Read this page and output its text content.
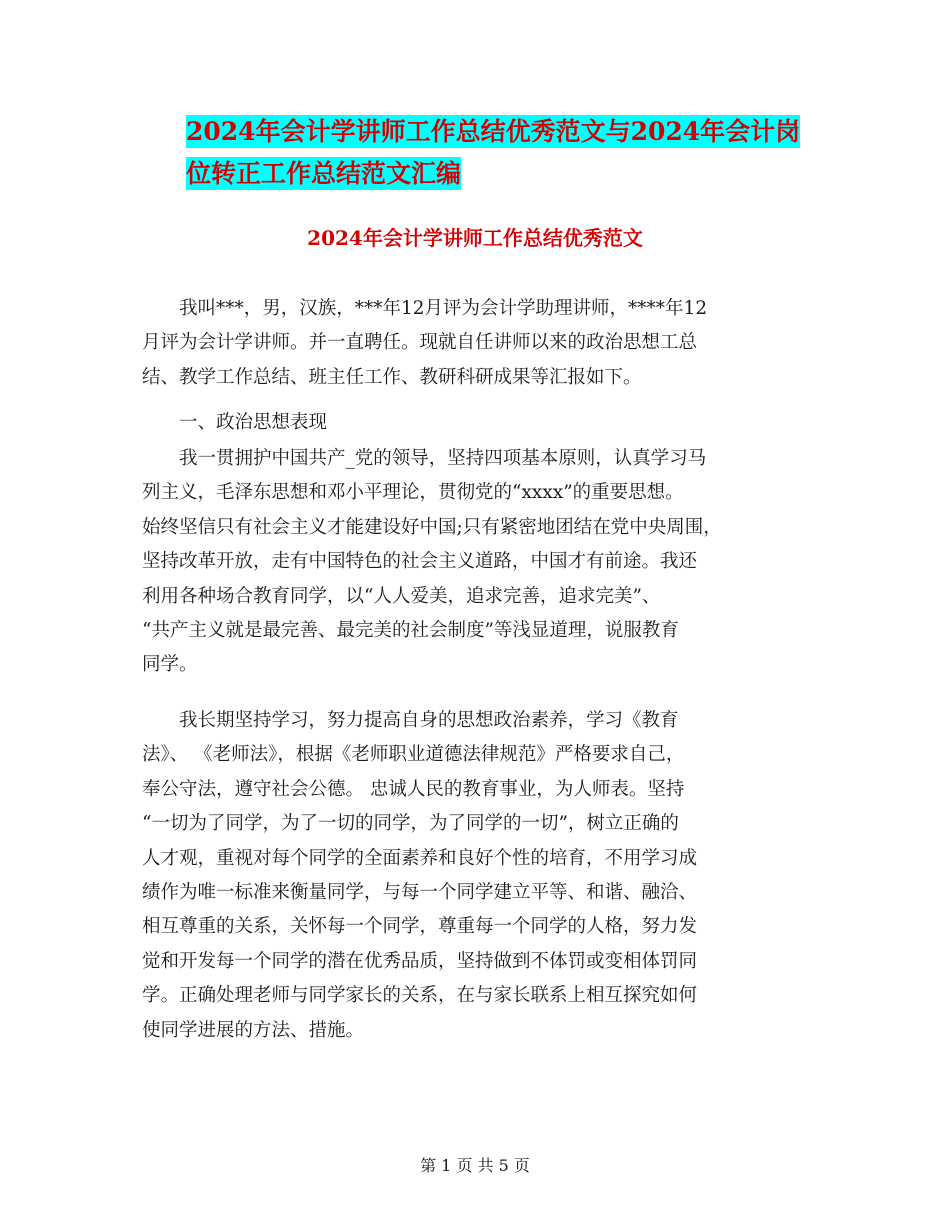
2024年会计学讲师工作总结优秀范文与2024年会计岗
位转正工作总结范文汇编
2024年会计学讲师工作总结优秀范文
　　我叫***，男，汉族，***年12月评为会计学助理讲师，****年12
月评为会计学讲师。并一直聘任。现就自任讲师以来的政治思想工总
结、教学工作总结、班主任工作、教研科研成果等汇报如下。
　　一、政治思想表现
　　我一贯拥护中国共产_党的领导，坚持四项基本原则，认真学习马
列主义，毛泽东思想和邓小平理论，贯彻党的“xxxx”的重要思想。
始终坚信只有社会主义才能建设好中国;只有紧密地团结在党中央周围，
坚持改革开放，走有中国特色的社会主义道路，中国才有前途。我还
利用各种场合教育同学，以“人人爱美，追求完善，追求完美”、
“共产主义就是最完善、最完美的社会制度”等浅显道理，说服教育
同学。
　　我长期坚持学习，努力提高自身的思想政治素养，学习《教育
法》、 《老师法》，根据《老师职业道德法律规范》严格要求自己，
奉公守法，遵守社会公德。 忠诚人民的教育事业，为人师表。坚持
“一切为了同学，为了一切的同学，为了同学的一切”，树立正确的
人才观，重视对每个同学的全面素养和良好个性的培育，不用学习成
绩作为唯一标准来衡量同学，与每一个同学建立平等、和谐、融洽、
相互尊重的关系，关怀每一个同学，尊重每一个同学的人格，努力发
觉和开发每一个同学的潜在优秀品质，坚持做到不体罚或变相体罚同
学。正确处理老师与同学家长的关系，在与家长联系上相互探究如何
使同学进展的方法、措施。
第 1 页 共 5 页
